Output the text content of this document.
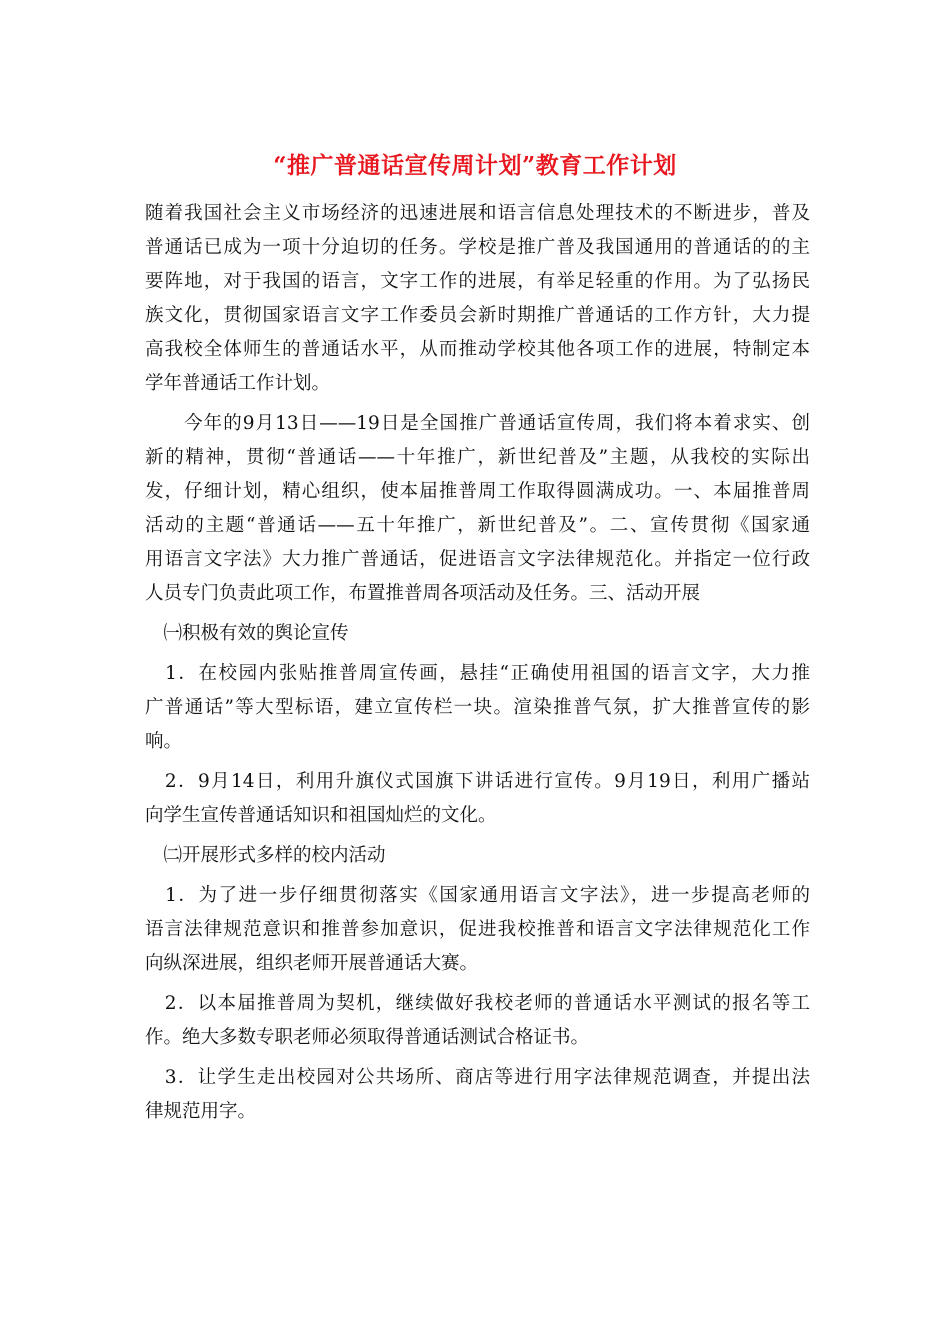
“推广普通话宣传周计划”教育工作计划
随着我国社会主义市场经济的迅速进展和语言信息处理技术的不断进步，普及
普通话已成为一项十分迫切的任务。学校是推广普及我国通用的普通话的的主
要阵地，对于我国的语言，文字工作的进展，有举足轻重的作用。为了弘扬民
族文化，贯彻国家语言文字工作委员会新时期推广普通话的工作方针，大力提
高我校全体师生的普通话水平，从而推动学校其他各项工作的进展，特制定本
学年普通话工作计划。
　　今年的9月13日——19日是全国推广普通话宣传周，我们将本着求实、创
新的精神，贯彻“普通话——十年推广，新世纪普及”主题，从我校的实际出
发，仔细计划，精心组织，使本届推普周工作取得圆满成功。一、本届推普周
活动的主题“普通话——五十年推广，新世纪普及”。二、宣传贯彻《国家通
用语言文字法》大力推广普通话，促进语言文字法律规范化。并指定一位行政
人员专门负责此项工作，布置推普周各项活动及任务。三、活动开展
　㈠积极有效的舆论宣传
　1．在校园内张贴推普周宣传画，悬挂“正确使用祖国的语言文字，大力推
广普通话”等大型标语，建立宣传栏一块。渲染推普气氛，扩大推普宣传的影
响。
　2．9月14日，利用升旗仪式国旗下讲话进行宣传。9月19日，利用广播站
向学生宣传普通话知识和祖国灿烂的文化。
　㈡开展形式多样的校内活动
　1．为了进一步仔细贯彻落实《国家通用语言文字法》，进一步提高老师的
语言法律规范意识和推普参加意识，促进我校推普和语言文字法律规范化工作
向纵深进展，组织老师开展普通话大赛。
　2．以本届推普周为契机，继续做好我校老师的普通话水平测试的报名等工
作。绝大多数专职老师必须取得普通话测试合格证书。
　3．让学生走出校园对公共场所、商店等进行用字法律规范调查，并提出法
律规范用字。
